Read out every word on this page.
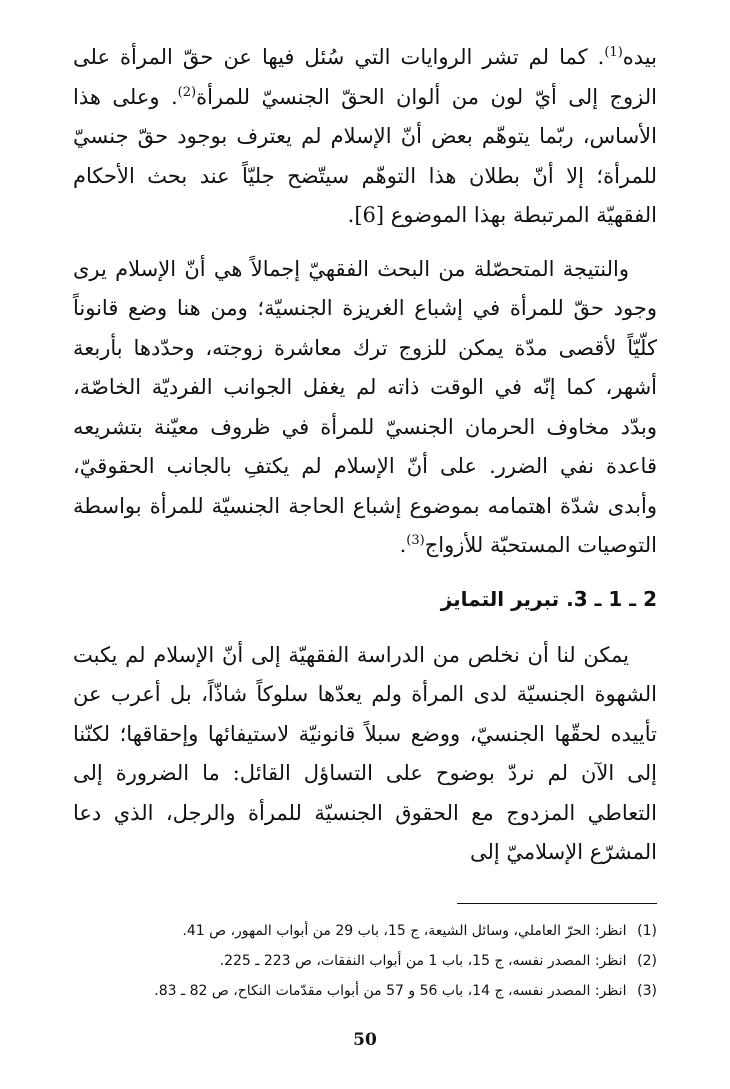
بيده$^{(1)}$. كما لم تشر الروايات التي سُئل فيها عن حقّ المرأة على الزوج إلى أيّ لون من ألوان الحقّ الجنسيّ للمرأة$^{(2)}$. وعلى هذا الأساس، ربّما يتوهّم بعض أنّ الإسلام لم يعترف بوجود حقّ جنسيّ للمرأة؛ إلا أنّ بطلان هذا التوهّم سيتّضح جليّاً عند بحث الأحكام الفقهيّة المرتبطة بهذا الموضوع [6].

والنتيجة المتحصّلة من البحث الفقهيّ إجمالاً هي أنّ الإسلام يرى وجود حقّ للمرأة في إشباع الغريزة الجنسيّة؛ ومن هنا وضع قانوناً كلّيّاً لأقصى مدّة يمكن للزوج ترك معاشرة زوجته، وحدّدها بأربعة أشهر، كما إنّه في الوقت ذاته لم يغفل الجوانب الفرديّة الخاصّة، وبدّد مخاوف الحرمان الجنسيّ للمرأة في ظروف معيّنة بتشريعه قاعدة نفي الضرر. على أنّ الإسلام لم يكتفِ بالجانب الحقوقيّ، وأبدى شدّة اهتمامه بموضوع إشباع الحاجة الجنسيّة للمرأة بواسطة التوصيات المستحبّة للأزواج$^{(3)}$.

2 ـ 1 ـ 3. تبرير التمايز

يمكن لنا أن نخلص من الدراسة الفقهيّة إلى أنّ الإسلام لم يكبت الشهوة الجنسيّة لدى المرأة ولم يعدّها سلوكاً شاذّاً، بل أعرب عن تأييده لحقّها الجنسيّ، ووضع سبلاً قانونيّة لاستيفائها وإحقاقها؛ لكنّنا إلى الآن لم نردّ بوضوح على التساؤل القائل: ما الضرورة إلى التعاطي المزدوج مع الحقوق الجنسيّة للمرأة والرجل، الذي دعا المشرّع الإسلاميّ إلى

(1) انظر: الحرّ العاملي، وسائل الشيعة، ج 15، باب 29 من أبواب المهور، ص 41.
(2) انظر: المصدر نفسه، ج 15، باب 1 من أبواب النفقات، ص 223 ـ 225.
(3) انظر: المصدر نفسه، ج 14، باب 56 و 57 من أبواب مقدّمات النكاح، ص 82 ـ 83.
50
